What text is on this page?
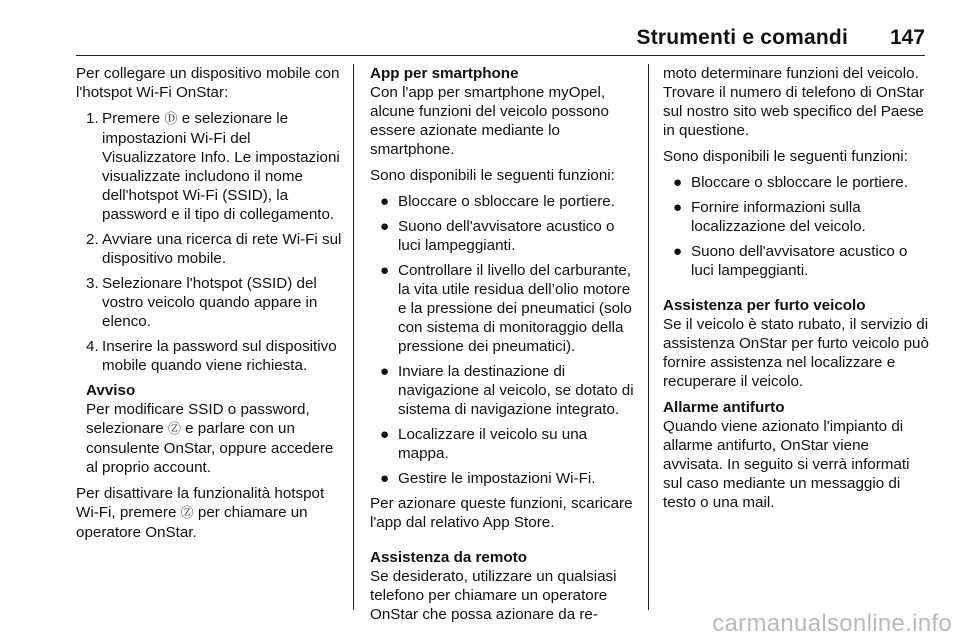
Strumenti e comandi 147

Per collegare un dispositivo mobile con l'hotspot Wi-Fi OnStar:

1. Premere Ⓓ e selezionare le impostazioni Wi-Fi del Visualizzatore Info. Le impostazioni visualizzate includono il nome dell'hotspot Wi-Fi (SSID), la password e il tipo di collegamento.
2. Avviare una ricerca di rete Wi-Fi sul dispositivo mobile.
3. Selezionare l'hotspot (SSID) del vostro veicolo quando appare in elenco.
4. Inserire la password sul dispositivo mobile quando viene richiesta.
Avviso
Per modificare SSID o password, selezionare Ⓩ e parlare con un consulente OnStar, oppure accedere al proprio account.

Per disattivare la funzionalità hotspot Wi-Fi, premere Ⓩ per chiamare un operatore OnStar.

App per smartphone

Con l'app per smartphone myOpel, alcune funzioni del veicolo possono essere azionate mediante lo smartphone.

Sono disponibili le seguenti funzioni:

● Bloccare o sbloccare le portiere.
● Suono dell'avvisatore acustico o luci lampeggianti.
● Controllare il livello del carburante, la vita utile residua dell’olio motore e la pressione dei pneumatici (solo con sistema di monitoraggio della pressione dei pneumatici).
● Inviare la destinazione di navigazione al veicolo, se dotato di sistema di navigazione integrato.
● Localizzare il veicolo su una mappa.
● Gestire le impostazioni Wi-Fi.

Per azionare queste funzioni, scaricare l'app dal relativo App Store.

Assistenza da remoto

Se desiderato, utilizzare un qualsiasi telefono per chiamare un operatore OnStar che possa azionare da re-

moto determinare funzioni del veicolo. Trovare il numero di telefono di OnStar sul nostro sito web specifico del Paese in questione.

Sono disponibili le seguenti funzioni:

● Bloccare o sbloccare le portiere.
● Fornire informazioni sulla localizzazione del veicolo.
● Suono dell'avvisatore acustico o luci lampeggianti.
Assistenza per furto veicolo

Se il veicolo è stato rubato, il servizio di assistenza OnStar per furto veicolo può fornire assistenza nel localizzare e recuperare il veicolo.

Allarme antifurto

Quando viene azionato l'impianto di allarme antifurto, OnStar viene avvisata. In seguito si verrà informati sul caso mediante un messaggio di testo o una mail.

carmanualsonline.info
